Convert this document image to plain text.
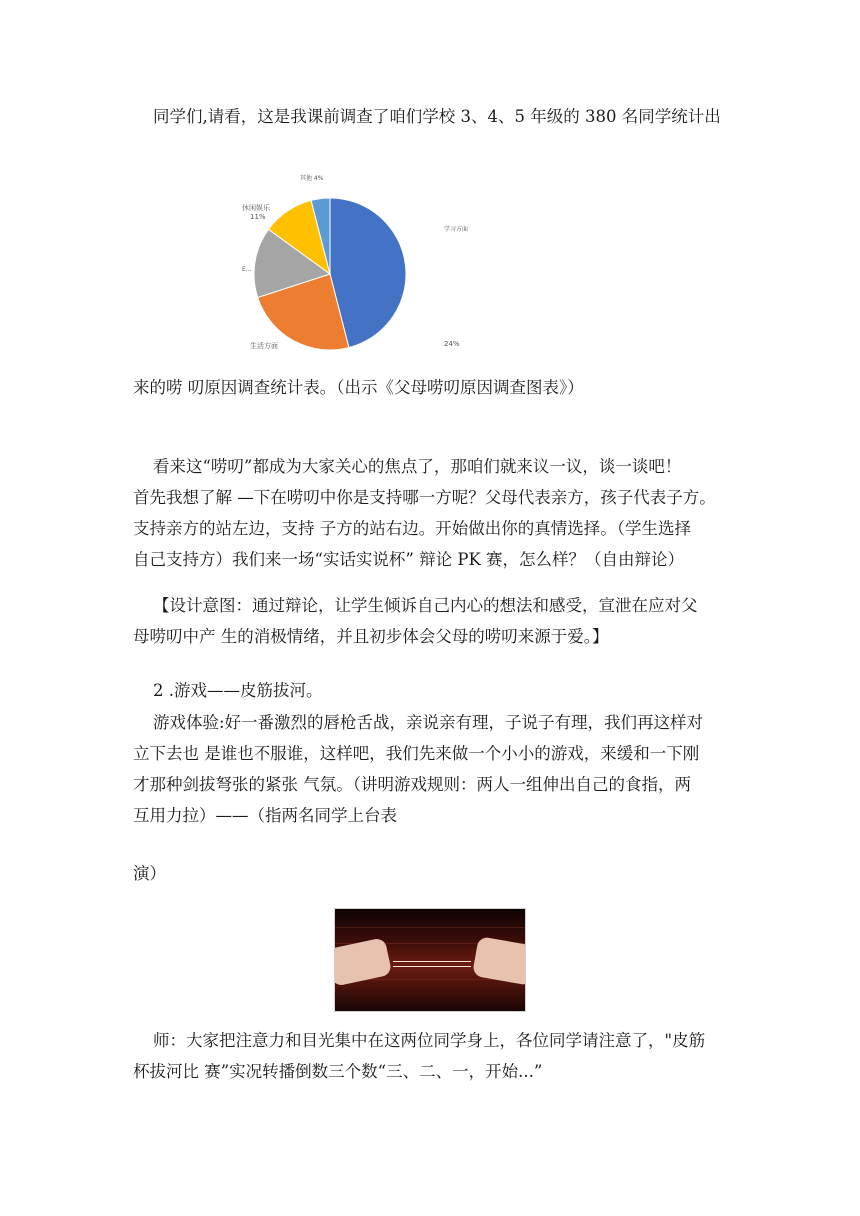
同学们,请看，这是我课前调查了咱们学校 3、4、5 年级的 380 名同学统计出

其他 4%
休闲娱乐
11%
E...
生活方面
学习方面
24%

来的唠 叨原因调查统计表。（出示《父母唠叨原因调查图表》）

看来这“唠叨”都成为大家关心的焦点了，那咱们就来议一议，谈一谈吧！
首先我想了解 —下在唠叨中你是支持哪一方呢？父母代表亲方，孩子代表子方。
支持亲方的站左边，支持 子方的站右边。开始做出你的真情选择。（学生选择
自己支持方）我们来一场“实话实说杯” 辩论 PK 赛，怎么样？（自由辩论）

【设计意图：通过辩论，让学生倾诉自己内心的想法和感受，宣泄在应对父
母唠叨中产 生的消极情绪，并且初步体会父母的唠叨来源于爱。】

2 .游戏——皮筋拔河。

游戏体验:好一番激烈的唇枪舌战，亲说亲有理，子说子有理，我们再这样对
立下去也 是谁也不服谁，这样吧，我们先来做一个小小的游戏，来缓和一下刚
才那种剑拔弩张的紧张 气氛。（讲明游戏规则：两人一组伸出自己的食指，两
互用力拉）——（指两名同学上台表

演）

师：大家把注意力和目光集中在这两位同学身上，各位同学请注意了，"皮筋
杯拔河比 赛”实况转播倒数三个数“三、二、一，开始...”
